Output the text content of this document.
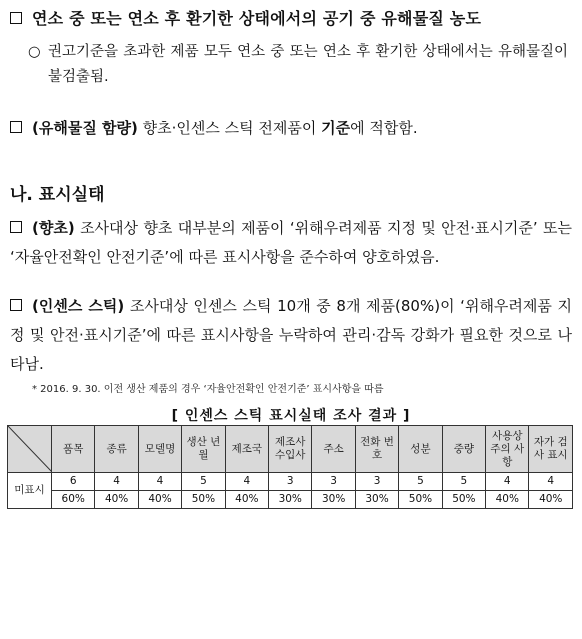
연소 중 또는 연소 후 환기한 상태에서의 공기 중 유해물질 농도
○ 권고기준을 초과한 제품 모두 연소 중 또는 연소 후 환기한 상태에서는 유해물질이 불검출됨.
(유해물질 함량) 향초·인센스 스틱 전제품이 기준에 적합함.
나. 표시실태
(향초) 조사대상 향초 대부분의 제품이 ‘위해우려제품 지정 및 안전·표시기준’ 또는 ‘자율안전확인 안전기준’에 따른 표시사항을 준수하여 양호하였음.
(인센스 스틱) 조사대상 인센스 스틱 10개 중 8개 제품(80%)이 ‘위해우려제품 지정 및 안전·표시기준’에 따른 표시사항을 누락하여 관리·감독 강화가 필요한 것으로 나타남.
* 2016. 9. 30. 이전 생산 제품의 경우 ‘자율안전확인 안전기준’ 표시사항을 따름
[ 인센스 스틱 표시실태 조사 결과 ]
	품목	종류	모델명	생산 년월	제조국	제조사 수입사	주소	전화 번호	성분	중량	사용상 주의 사항	자가 검사 표시
미표시	6	4	4	5	4	3	3	3	5	5	4	4
	60%	40%	40%	50%	40%	30%	30%	30%	50%	50%	40%	40%
